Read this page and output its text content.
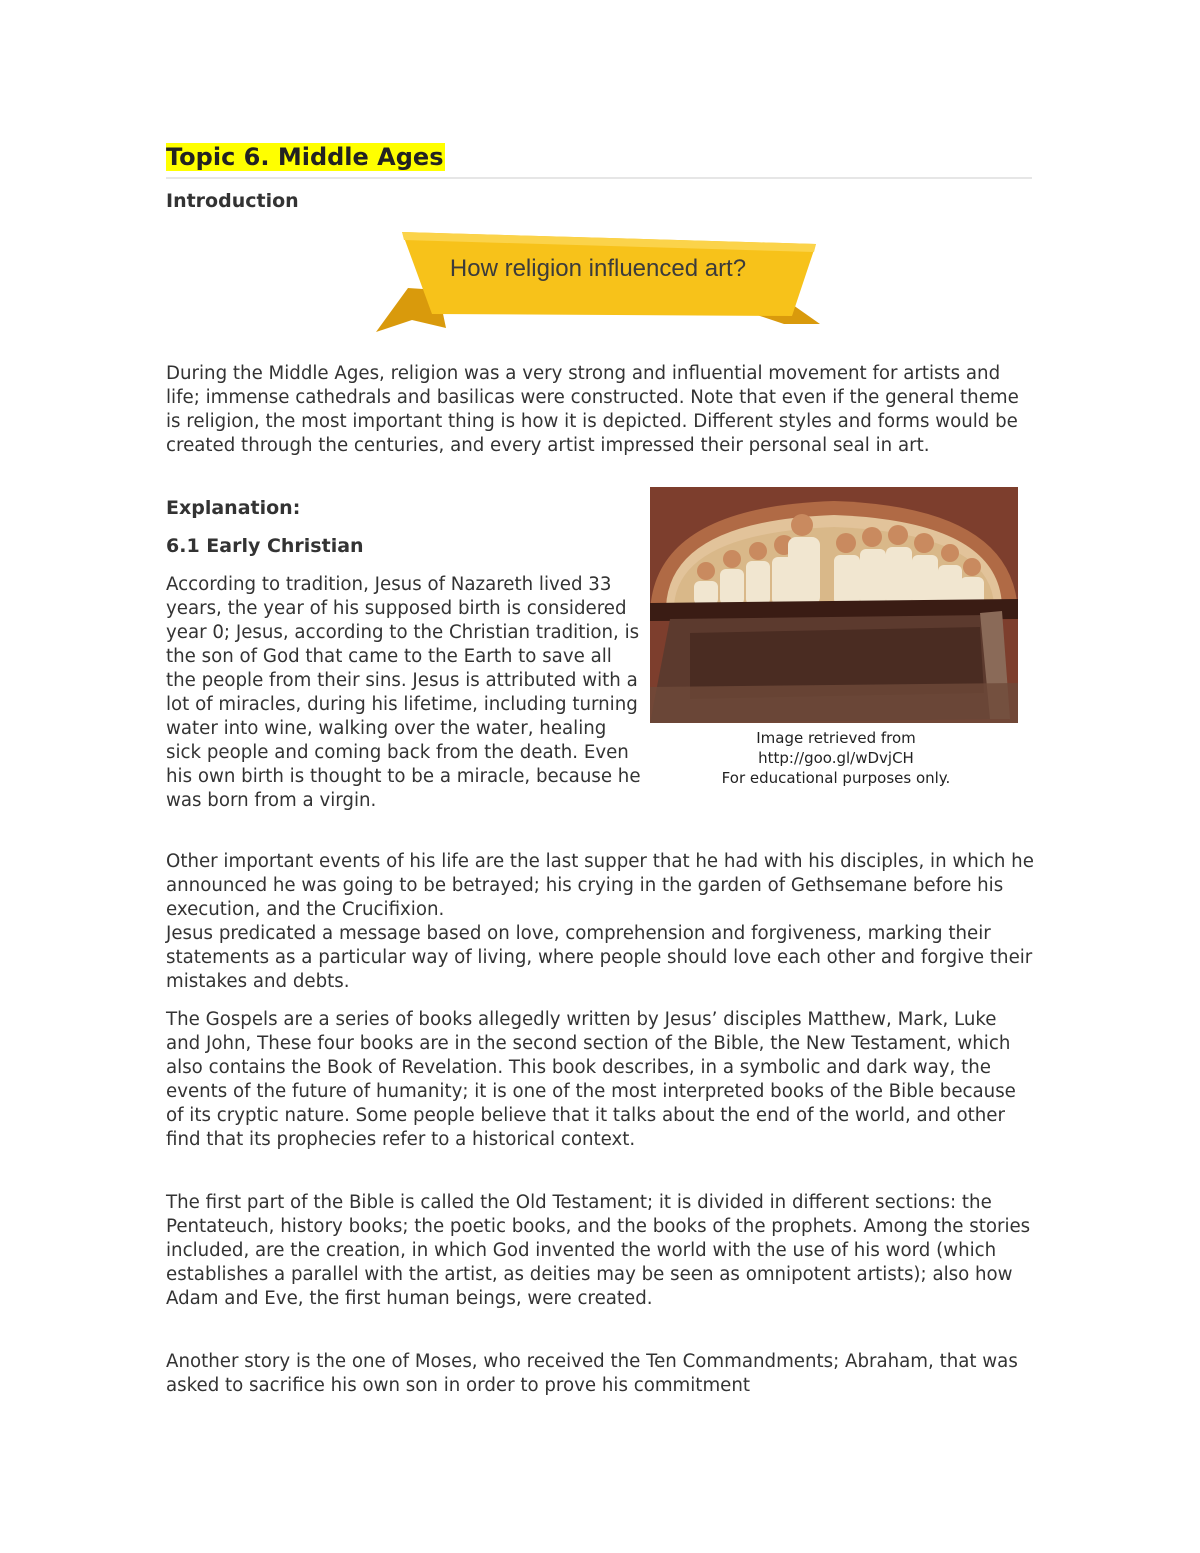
Topic 6. Middle Ages
Introduction
How religion influenced art?

During the Middle Ages, religion was a very strong and influential movement for artists and life; immense cathedrals and basilicas were constructed. Note that even if the general theme is religion, the most important thing is how it is depicted. Different styles and forms would be created through the centuries, and every artist impressed their personal seal in art.

Explanation:
6.1 Early Christian

According to tradition, Jesus of Nazareth lived 33 years, the year of his supposed birth is considered year 0; Jesus, according to the Christian tradition, is the son of God that came to the Earth to save all the people from their sins. Jesus is attributed with a lot of miracles, during his lifetime, including turning water into wine, walking over the water, healing sick people and coming back from the death. Even his own birth is thought to be a miracle, because he was born from a virgin.

Image retrieved from
http://goo.gl/wDvjCH
For educational purposes only.

Other important events of his life are the last supper that he had with his disciples, in which he announced he was going to be betrayed; his crying in the garden of Gethsemane before his execution, and the Crucifixion.
Jesus predicated a message based on love, comprehension and forgiveness, marking their statements as a particular way of living, where people should love each other and forgive their mistakes and debts.

The Gospels are a series of books allegedly written by Jesus’ disciples Matthew, Mark, Luke and John, These four books are in the second section of the Bible, the New Testament, which also contains the Book of Revelation. This book describes, in a symbolic and dark way, the events of the future of humanity; it is one of the most interpreted books of the Bible because of its cryptic nature. Some people believe that it talks about the end of the world, and other find that its prophecies refer to a historical context.

The first part of the Bible is called the Old Testament; it is divided in different sections: the Pentateuch, history books; the poetic books, and the books of the prophets. Among the stories included, are the creation, in which God invented the world with the use of his word (which establishes a parallel with the artist, as deities may be seen as omnipotent artists); also how Adam and Eve, the first human beings, were created.

Another story is the one of Moses, who received the Ten Commandments; Abraham, that was asked to sacrifice his own son in order to prove his commitment
